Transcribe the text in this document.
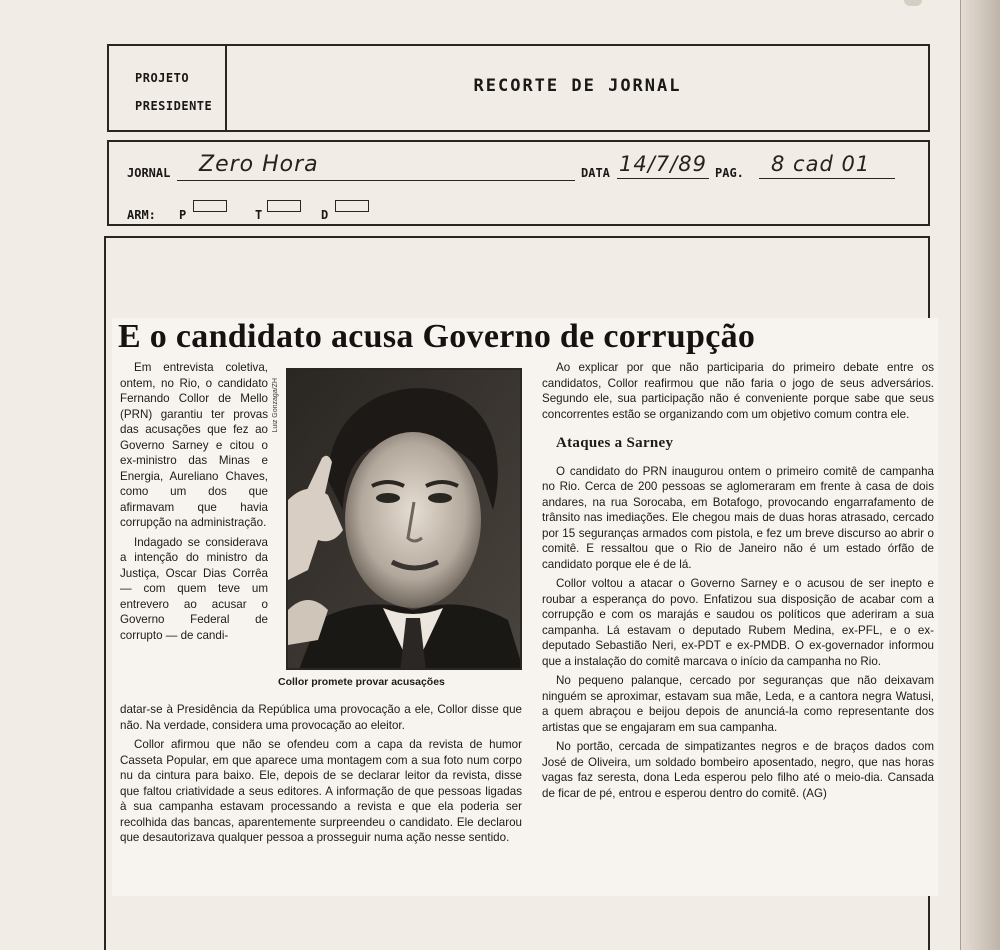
PROJETO
PRESIDENTE
RECORTE DE JORNAL
JORNAL Zero Hora	DATA 14/7/89 PAG. 8 cad 01
ARM: P	T	D
E o candidato acusa Governo de corrupção

Em entrevista coletiva, ontem, no Rio, o candidato Fernando Collor de Mello (PRN) garantiu ter provas das acusações que fez ao Governo Sarney e citou o ex-ministro das Minas e Energia, Aureliano Chaves, como um dos que afirmavam que havia corrupção na administração.

Indagado se considerava a intenção do ministro da Justiça, Oscar Dias Corrêa — com quem teve um entrevero ao acusar o Governo Federal de corrupto — de candi-

Luiz Gonzaga/ZH
Collor promete provar acusações

datar-se à Presidência da República uma provocação a ele, Collor disse que não. Na verdade, considera uma provocação ao eleitor.

Collor afirmou que não se ofendeu com a capa da revista de humor Casseta Popular, em que aparece uma montagem com a sua foto num corpo nu da cintura para baixo. Ele, depois de se declarar leitor da revista, disse que faltou criatividade a seus editores. A informação de que pessoas ligadas à sua campanha estavam processando a revista e que ela poderia ser recolhida das bancas, aparentemente surpreendeu o candidato. Ele declarou que desautorizava qualquer pessoa a prosseguir numa ação nesse sentido.

Ao explicar por que não participaria do primeiro debate entre os candidatos, Collor reafirmou que não faria o jogo de seus adversários. Segundo ele, sua participação não é conveniente porque sabe que seus concorrentes estão se organizando com um objetivo comum contra ele.

Ataques a Sarney

O candidato do PRN inaugurou ontem o primeiro comitê de campanha no Rio. Cerca de 200 pessoas se aglomeraram em frente à casa de dois andares, na rua Sorocaba, em Botafogo, provocando engarrafamento de trânsito nas imediações. Ele chegou mais de duas horas atrasado, cercado por 15 seguranças armados com pistola, e fez um breve discurso ao abrir o comitê. E ressaltou que o Rio de Janeiro não é um estado órfão de candidato porque ele é de lá.

Collor voltou a atacar o Governo Sarney e o acusou de ser inepto e roubar a esperança do povo. Enfatizou sua disposição de acabar com a corrupção e com os marajás e saudou os políticos que aderiram a sua campanha. Lá estavam o deputado Rubem Medina, ex-PFL, e o ex-deputado Sebastião Neri, ex-PDT e ex-PMDB. O ex-governador informou que a instalação do comitê marcava o início da campanha no Rio.

No pequeno palanque, cercado por seguranças que não deixavam ninguém se aproximar, estavam sua mãe, Leda, e a cantora negra Watusi, a quem abraçou e beijou depois de anunciá-la como representante dos artistas que se engajaram em sua campanha.

No portão, cercada de simpatizantes negros e de braços dados com José de Oliveira, um soldado bombeiro aposentado, negro, que nas horas vagas faz seresta, dona Leda esperou pelo filho até o meio-dia. Cansada de ficar de pé, entrou e esperou dentro do comitê. (AG)
